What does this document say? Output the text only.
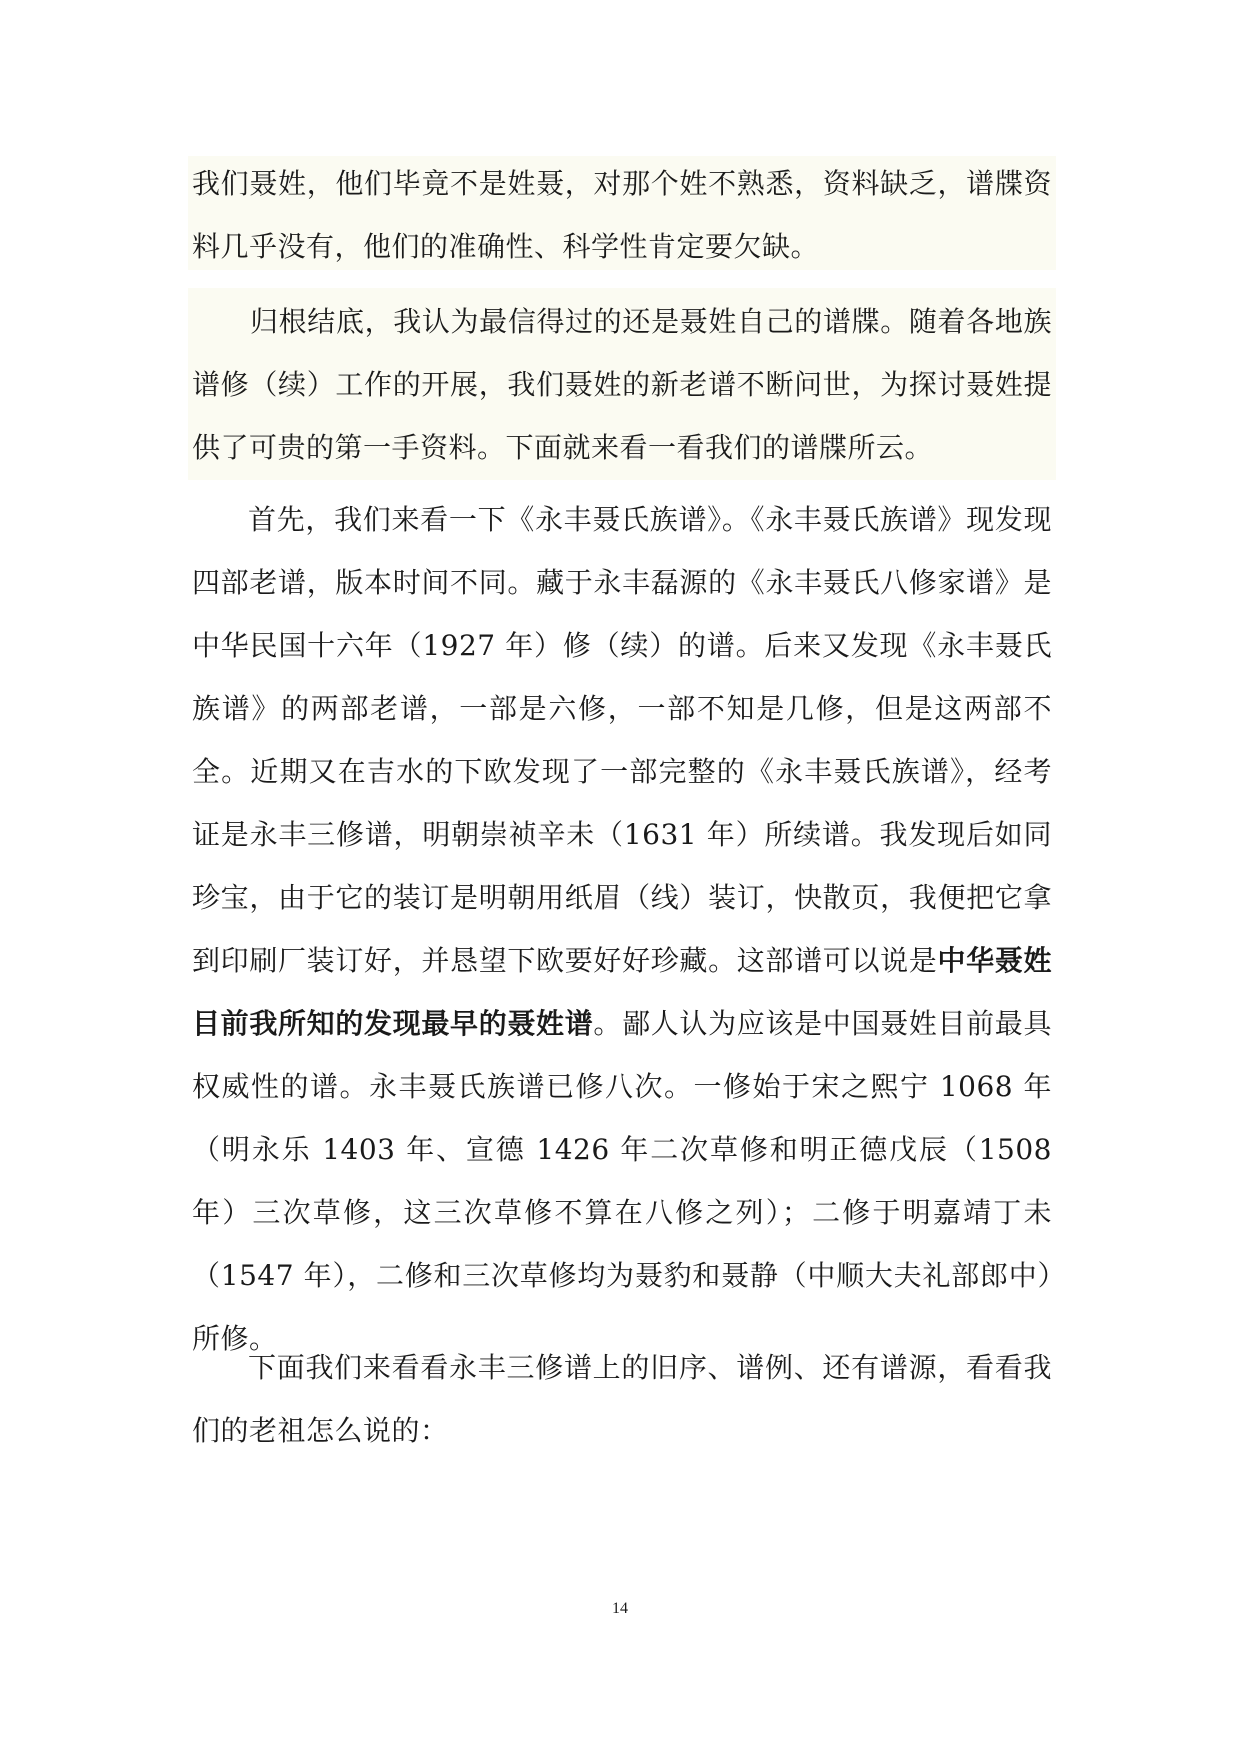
我们聂姓，他们毕竟不是姓聂，对那个姓不熟悉，资料缺乏，谱牒资料几乎没有，他们的准确性、科学性肯定要欠缺。

归根结底，我认为最信得过的还是聂姓自己的谱牒。随着各地族谱修（续）工作的开展，我们聂姓的新老谱不断问世，为探讨聂姓提供了可贵的第一手资料。下面就来看一看我们的谱牒所云。

首先，我们来看一下《永丰聂氏族谱》。《永丰聂氏族谱》现发现四部老谱，版本时间不同。藏于永丰磊源的《永丰聂氏八修家谱》是中华民国十六年（1927 年）修（续）的谱。后来又发现《永丰聂氏族谱》的两部老谱，一部是六修，一部不知是几修，但是这两部不全。近期又在吉水的下欧发现了一部完整的《永丰聂氏族谱》，经考证是永丰三修谱，明朝崇祯辛未（1631 年）所续谱。我发现后如同珍宝，由于它的装订是明朝用纸眉（线）装订，快散页，我便把它拿到印刷厂装订好，并恳望下欧要好好珍藏。这部谱可以说是中华聂姓目前我所知的发现最早的聂姓谱。鄙人认为应该是中国聂姓目前最具权威性的谱。永丰聂氏族谱已修八次。一修始于宋之熙宁 1068 年（明永乐 1403 年、宣德 1426 年二次草修和明正德戊辰（1508 年）三次草修，这三次草修不算在八修之列）；二修于明嘉靖丁未（1547 年），二修和三次草修均为聂豹和聂静（中顺大夫礼部郎中）所修。

下面我们来看看永丰三修谱上的旧序、谱例、还有谱源，看看我们的老祖怎么说的：

14
